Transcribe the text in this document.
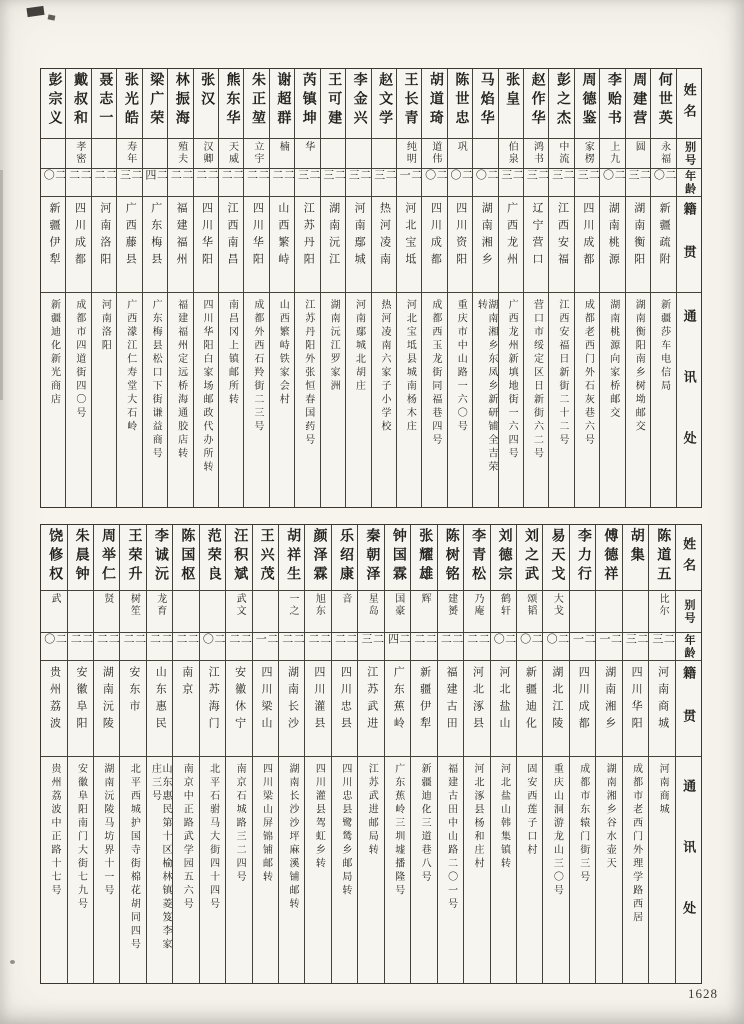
姓名
别号
年龄
籍贯
通讯处
何世英
永福
二〇
新疆疏附
新疆莎车电信局
周建营
圆
二三
湖南衡阳
湖南衡阳南乡树坳邮交
李贻书
上九
二〇
湖南桃源
湖南桃源向家桥邮交
周德鉴
家楞
二三
四川成都
成都老西门外石灰巷六号
彭之杰
中流
二三
江西安福
江西安福日新街二十二号
赵作华
鸿书
二三
辽宁营口
营口市绥定区日新街六二号
张皇
伯泉
二三
广西龙州
广西龙州新填地街一六四号
马焰华
二〇
湖南湘乡
湖南湘乡东凤乡新研铺全吉荣转
陈世忠
巩
二〇
四川资阳
重庆市中山路一六〇号
胡道琦
道伟
二〇
四川成都
成都西玉龙街同福巷四号
王长青
纯明
二一
河北宝坻
河北宝坻县城南杨木庄
赵文学
二三
热河凌南
热河凌南六家子小学校
李金兴
二三
河南鄢城
河南鄢城北胡庄
王可建
二三
湖南沅江
湖南沅江罗家洲
芮镇坤
华
二三
江苏丹阳
江苏丹阳外张恒春国药号
谢超群
楠
二二
山西繁峙
山西繁峙铁家会村
朱正堃
立宇
二二
四川华阳
成都外西石羚街二三号
熊东华
天威
二二
江西南昌
南昌冈上镇邮所转
张汉
汉卿
二二
四川华阳
四川华阳白家场邮政代办所转
林振海
殖夫
二二
福建福州
福建福州定远桥海通胶店转
梁广荣
二四
广东梅县
广东梅县松口下街谦益商号
张光皓
寿年
二三
广西藤县
广西濛江仁寿堂大石岭
聂志一
二二
河南洛阳
河南洛阳
戴叔和
孝密
二二
四川成都
成都市四道街四〇号
彭宗义
二〇
新疆伊犁
新疆迪化新光商店
姓名
别号
年龄
籍贯
通讯处
陈道五
比尔
二三
河南商城
河南商城
胡集
二三
四川华阳
成都市老西门外理学路西居
傅德祥
二一
湖南湘乡
湖南湘乡谷水壶天
李力行
二一
四川成都
成都市东辕门街三号
易天戈
大戈
二〇
湖北江陵
重庆山洞游龙山三〇号
刘之武
颂韬
二〇
新疆迪化
固安西莲子口村
刘德宗
鹤轩
二〇
河北盐山
河北盐山韩集镇转
李青松
乃庵
二二
河北涿县
河北涿县杨和庄村
陈树铭
建赟
二二
福建古田
福建古田中山路二〇一号
张耀雄
辉
二二
新疆伊犁
新疆迪化三道巷八号
钟国霖
国豪
二四
广东蕉岭
广东蕉岭三圳墟播隆号
秦朝泽
星岛
二三
江苏武进
江苏武进邮局转
乐绍康
音
二二
四川忠县
四川忠县鹭鸶乡邮局转
颜泽霖
旭东
二二
四川灌县
四川灌县驾虹乡转
胡祥生
一之
二二
湖南长沙
湖南长沙沙坪麻溪铺邮转
王兴茂
二一
四川梁山
四川梁山屏锦铺邮转
汪积斌
武文
二二
安徽休宁
南京石城路三二四号
范荣良
二〇
江苏海门
北平石驸马大街四十四号
陈国枢
二二
南京
南京中正路武学园五六号
李诚沅
龙育
二二
山东惠民
山东惠民第十区榆林镇菱笈李家庄三号
王荣升
树笙
二二
安东市
北平西城护国寺街棉花胡同四号
周举仁
贤
二二
湖南沅陵
湖南沅陵马坊界十一号
朱晨钟
二二
安徽阜阳
安徽阜阳南门大街七九号
饶修权
武
二〇
贵州荔波
贵州荔波中正路十七号
1628
